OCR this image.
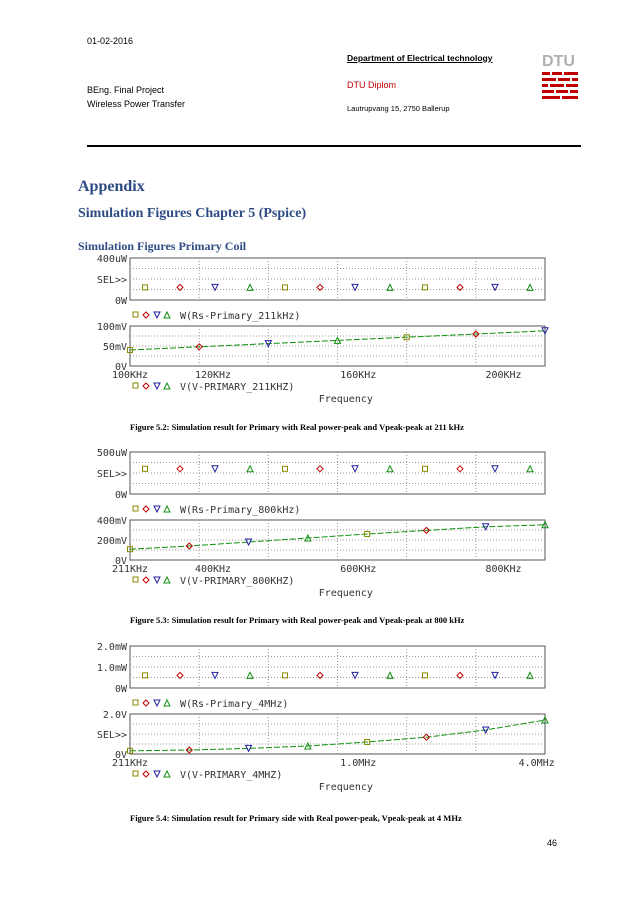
01-02-2016
BEng. Final Project
Wireless Power Transfer
Department of Electrical technology
DTU Diplom
Lautrupvang 15, 2750 Ballerup
DTU
Appendix
Simulation Figures Chapter 5 (Pspice)
Simulation Figures Primary Coil
400uW
SEL>>
0W
100mV
50mV
0V
100KHz	120KHz	160KHz	200KHz
Frequency
W(Rs-Primary_211kHz)
V(V-PRIMARY_211KHZ)
Figure 5.2: Simulation result for Primary with Real power-peak and Vpeak-peak at 211 kHz
500uW
SEL>>
0W
400mV
200mV
0V
211KHz	400KHz	600KHz	800KHz
Frequency
W(Rs-Primary_800kHz)
V(V-PRIMARY_800KHZ)
Figure 5.3: Simulation result for Primary with Real power-peak and Vpeak-peak at 800 kHz
2.0mW
1.0mW
0W
2.0V
SEL>>
0V
211KHz	1.0MHz	4.0MHz
Frequency
W(Rs-Primary_4MHz)
V(V-PRIMARY_4MHZ)
Figure 5.4: Simulation result for Primary side with Real power-peak, Vpeak-peak at 4 MHz
46
